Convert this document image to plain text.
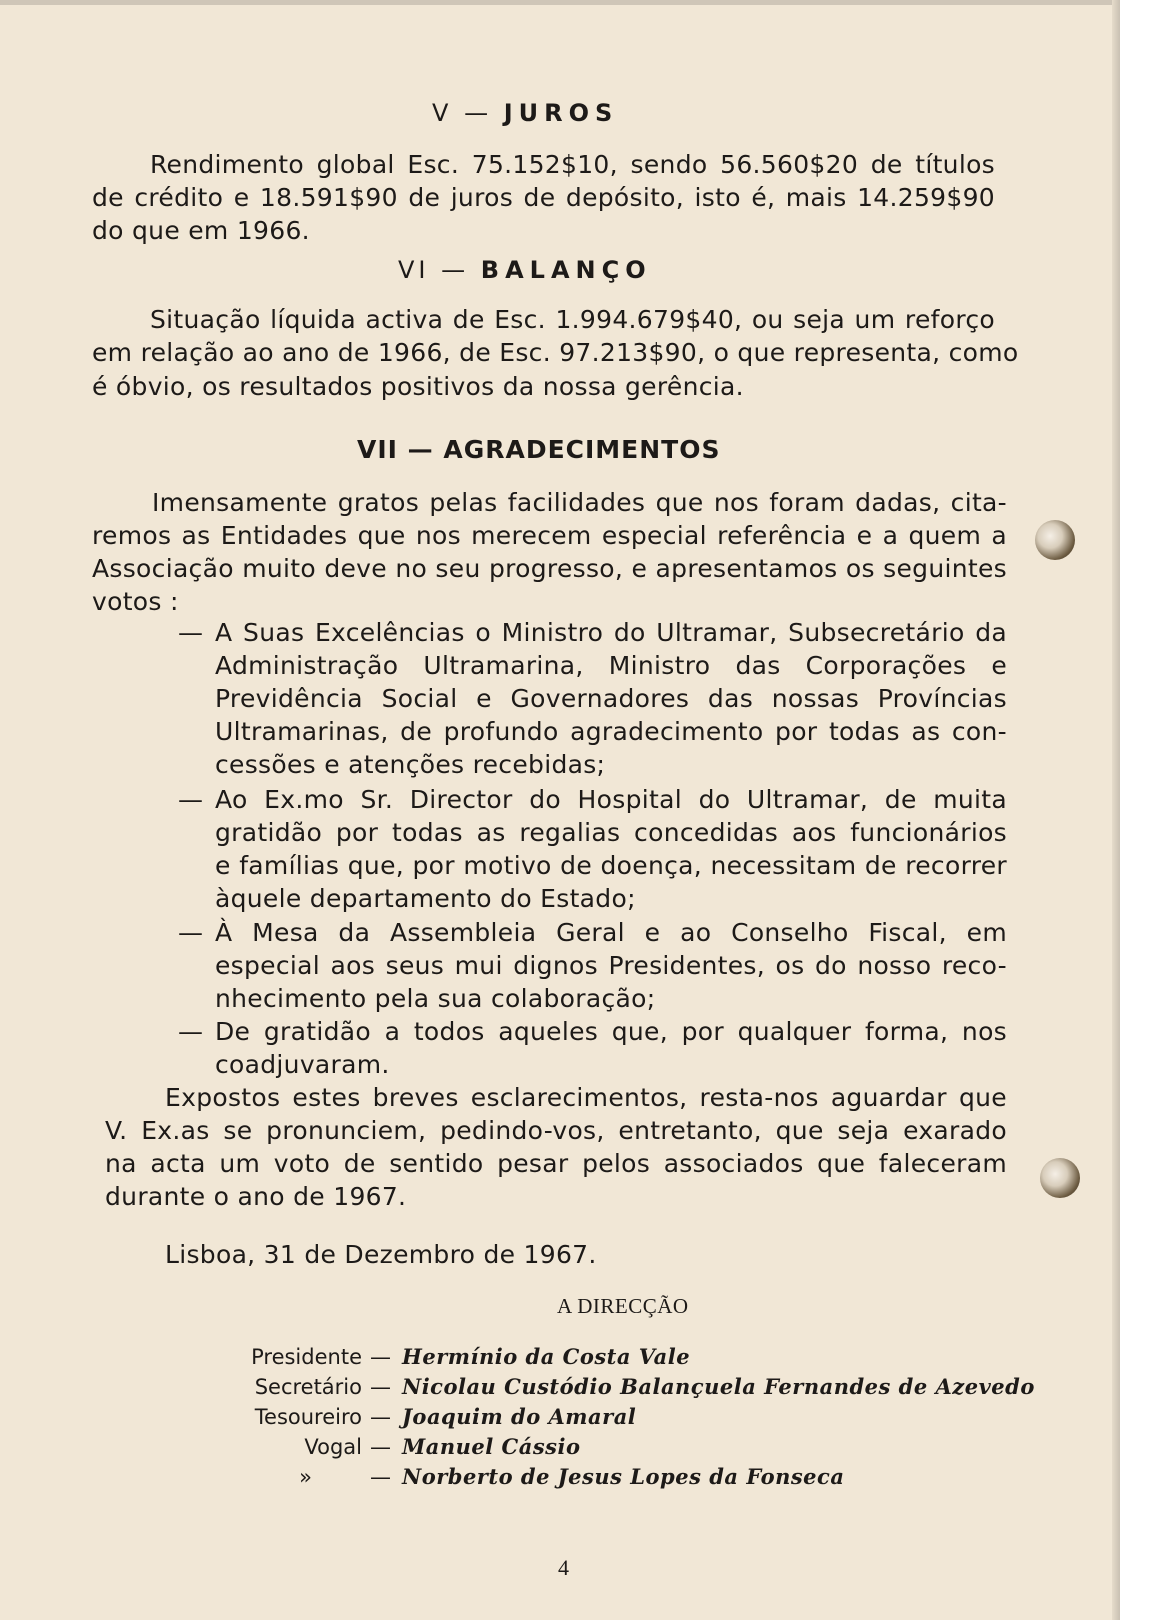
V — JUROS
Rendimento global Esc. 75.152$10, sendo 56.560$20 de títulos
de crédito e 18.591$90 de juros de depósito, isto é, mais 14.259$90
do que em 1966.
VI — BALANÇO
Situação líquida activa de Esc. 1.994.679$40, ou seja um reforço
em relação ao ano de 1966, de Esc. 97.213$90, o que representa, como
é óbvio, os resultados positivos da nossa gerência.
VII — AGRADECIMENTOS
Imensamente gratos pelas facilidades que nos foram dadas, cita-
remos as Entidades que nos merecem especial referência e a quem a
Associação muito deve no seu progresso, e apresentamos os seguintes
votos :
— A Suas Excelências o Ministro do Ultramar, Subsecretário da
Administração Ultramarina, Ministro das Corporações e
Previdência Social e Governadores das nossas Províncias
Ultramarinas, de profundo agradecimento por todas as con-
cessões e atenções recebidas;
— Ao Ex.mo Sr. Director do Hospital do Ultramar, de muita
gratidão por todas as regalias concedidas aos funcionários
e famílias que, por motivo de doença, necessitam de recorrer
àquele departamento do Estado;
— À Mesa da Assembleia Geral e ao Conselho Fiscal, em
especial aos seus mui dignos Presidentes, os do nosso reco-
nhecimento pela sua colaboração;
— De gratidão a todos aqueles que, por qualquer forma, nos
coadjuvaram.
Expostos estes breves esclarecimentos, resta-nos aguardar que
V. Ex.as se pronunciem, pedindo-vos, entretanto, que seja exarado
na acta um voto de sentido pesar pelos associados que faleceram
durante o ano de 1967.
Lisboa, 31 de Dezembro de 1967.
A DIRECÇÃO
Presidente — Hermínio da Costa Vale
Secretário — Nicolau Custódio Balançuela Fernandes de Azevedo
Tesoureiro — Joaquim do Amaral
Vogal — Manuel Cássio
»	— Norberto de Jesus Lopes da Fonseca
4
